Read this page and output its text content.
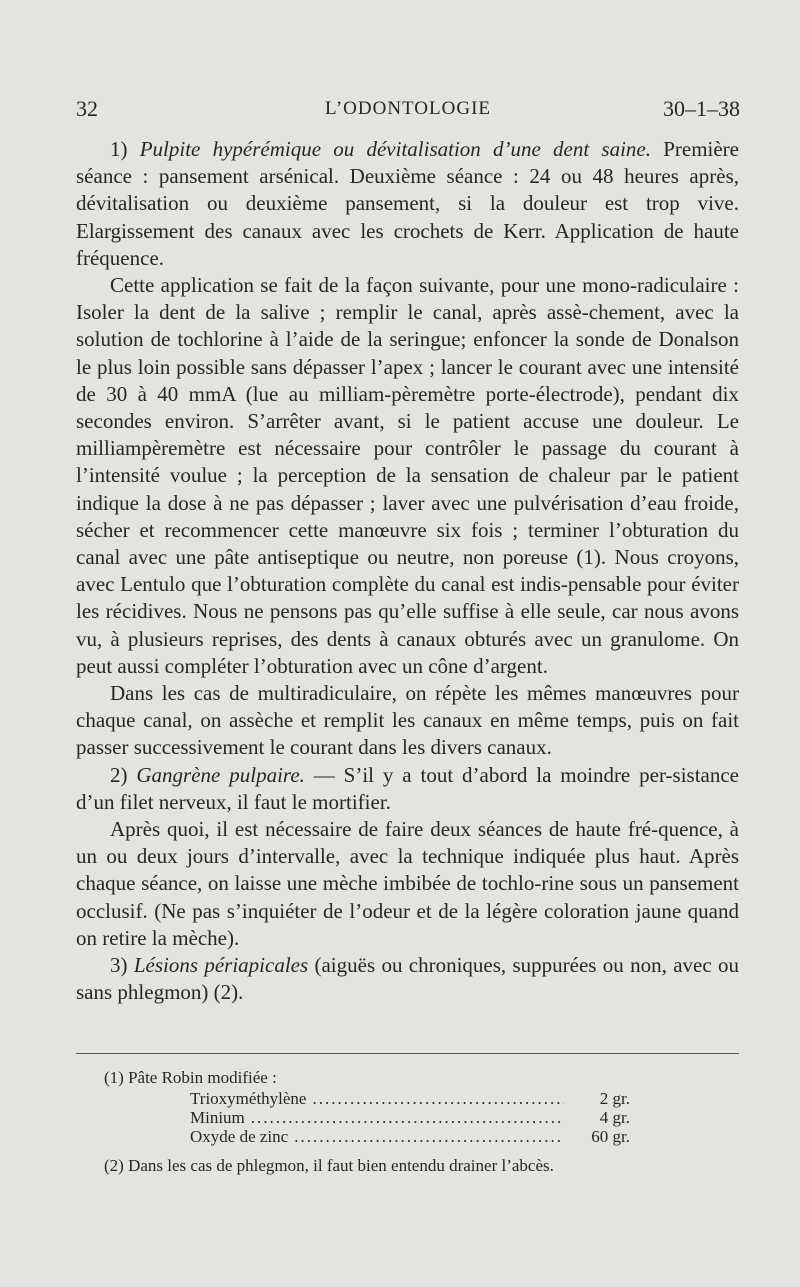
32	L’ODONTOLOGIE	30–1–38

1) Pulpite hypérémique ou dévitalisation d’une dent saine. Première séance : pansement arsénical. Deuxième séance : 24 ou 48 heures après, dévitalisation ou deuxième pansement, si la douleur est trop vive. Elargissement des canaux avec les crochets de Kerr. Application de haute fréquence.

Cette application se fait de la façon suivante, pour une mono-radiculaire : Isoler la dent de la salive ; remplir le canal, après assè-chement, avec la solution de tochlorine à l’aide de la seringue; enfoncer la sonde de Donalson le plus loin possible sans dépasser l’apex ; lancer le courant avec une intensité de 30 à 40 mmA (lue au milliam-pèremètre porte-électrode), pendant dix secondes environ. S’arrêter avant, si le patient accuse une douleur. Le milliampèremètre est nécessaire pour contrôler le passage du courant à l’intensité voulue ; la perception de la sensation de chaleur par le patient indique la dose à ne pas dépasser ; laver avec une pulvérisation d’eau froide, sécher et recommencer cette manœuvre six fois ; terminer l’obturation du canal avec une pâte antiseptique ou neutre, non poreuse (1). Nous croyons, avec Lentulo que l’obturation complète du canal est indis-pensable pour éviter les récidives. Nous ne pensons pas qu’elle suffise à elle seule, car nous avons vu, à plusieurs reprises, des dents à canaux obturés avec un granulome. On peut aussi compléter l’obturation avec un cône d’argent.

Dans les cas de multiradiculaire, on répète les mêmes manœuvres pour chaque canal, on assèche et remplit les canaux en même temps, puis on fait passer successivement le courant dans les divers canaux.

2) Gangrène pulpaire. — S’il y a tout d’abord la moindre per-sistance d’un filet nerveux, il faut le mortifier.

Après quoi, il est nécessaire de faire deux séances de haute fré-quence, à un ou deux jours d’intervalle, avec la technique indiquée plus haut. Après chaque séance, on laisse une mèche imbibée de tochlo-rine sous un pansement occlusif. (Ne pas s’inquiéter de l’odeur et de la légère coloration jaune quand on retire la mèche).

3) Lésions périapicales (aiguës ou chroniques, suppurées ou non, avec ou sans phlegmon) (2).

(1) Pâte Robin modifiée :
Trioxyméthylène .....	2 gr.
Minium .....	4 gr.
Oxyde de zinc .....	60 gr.
(2) Dans les cas de phlegmon, il faut bien entendu drainer l’abcès.
